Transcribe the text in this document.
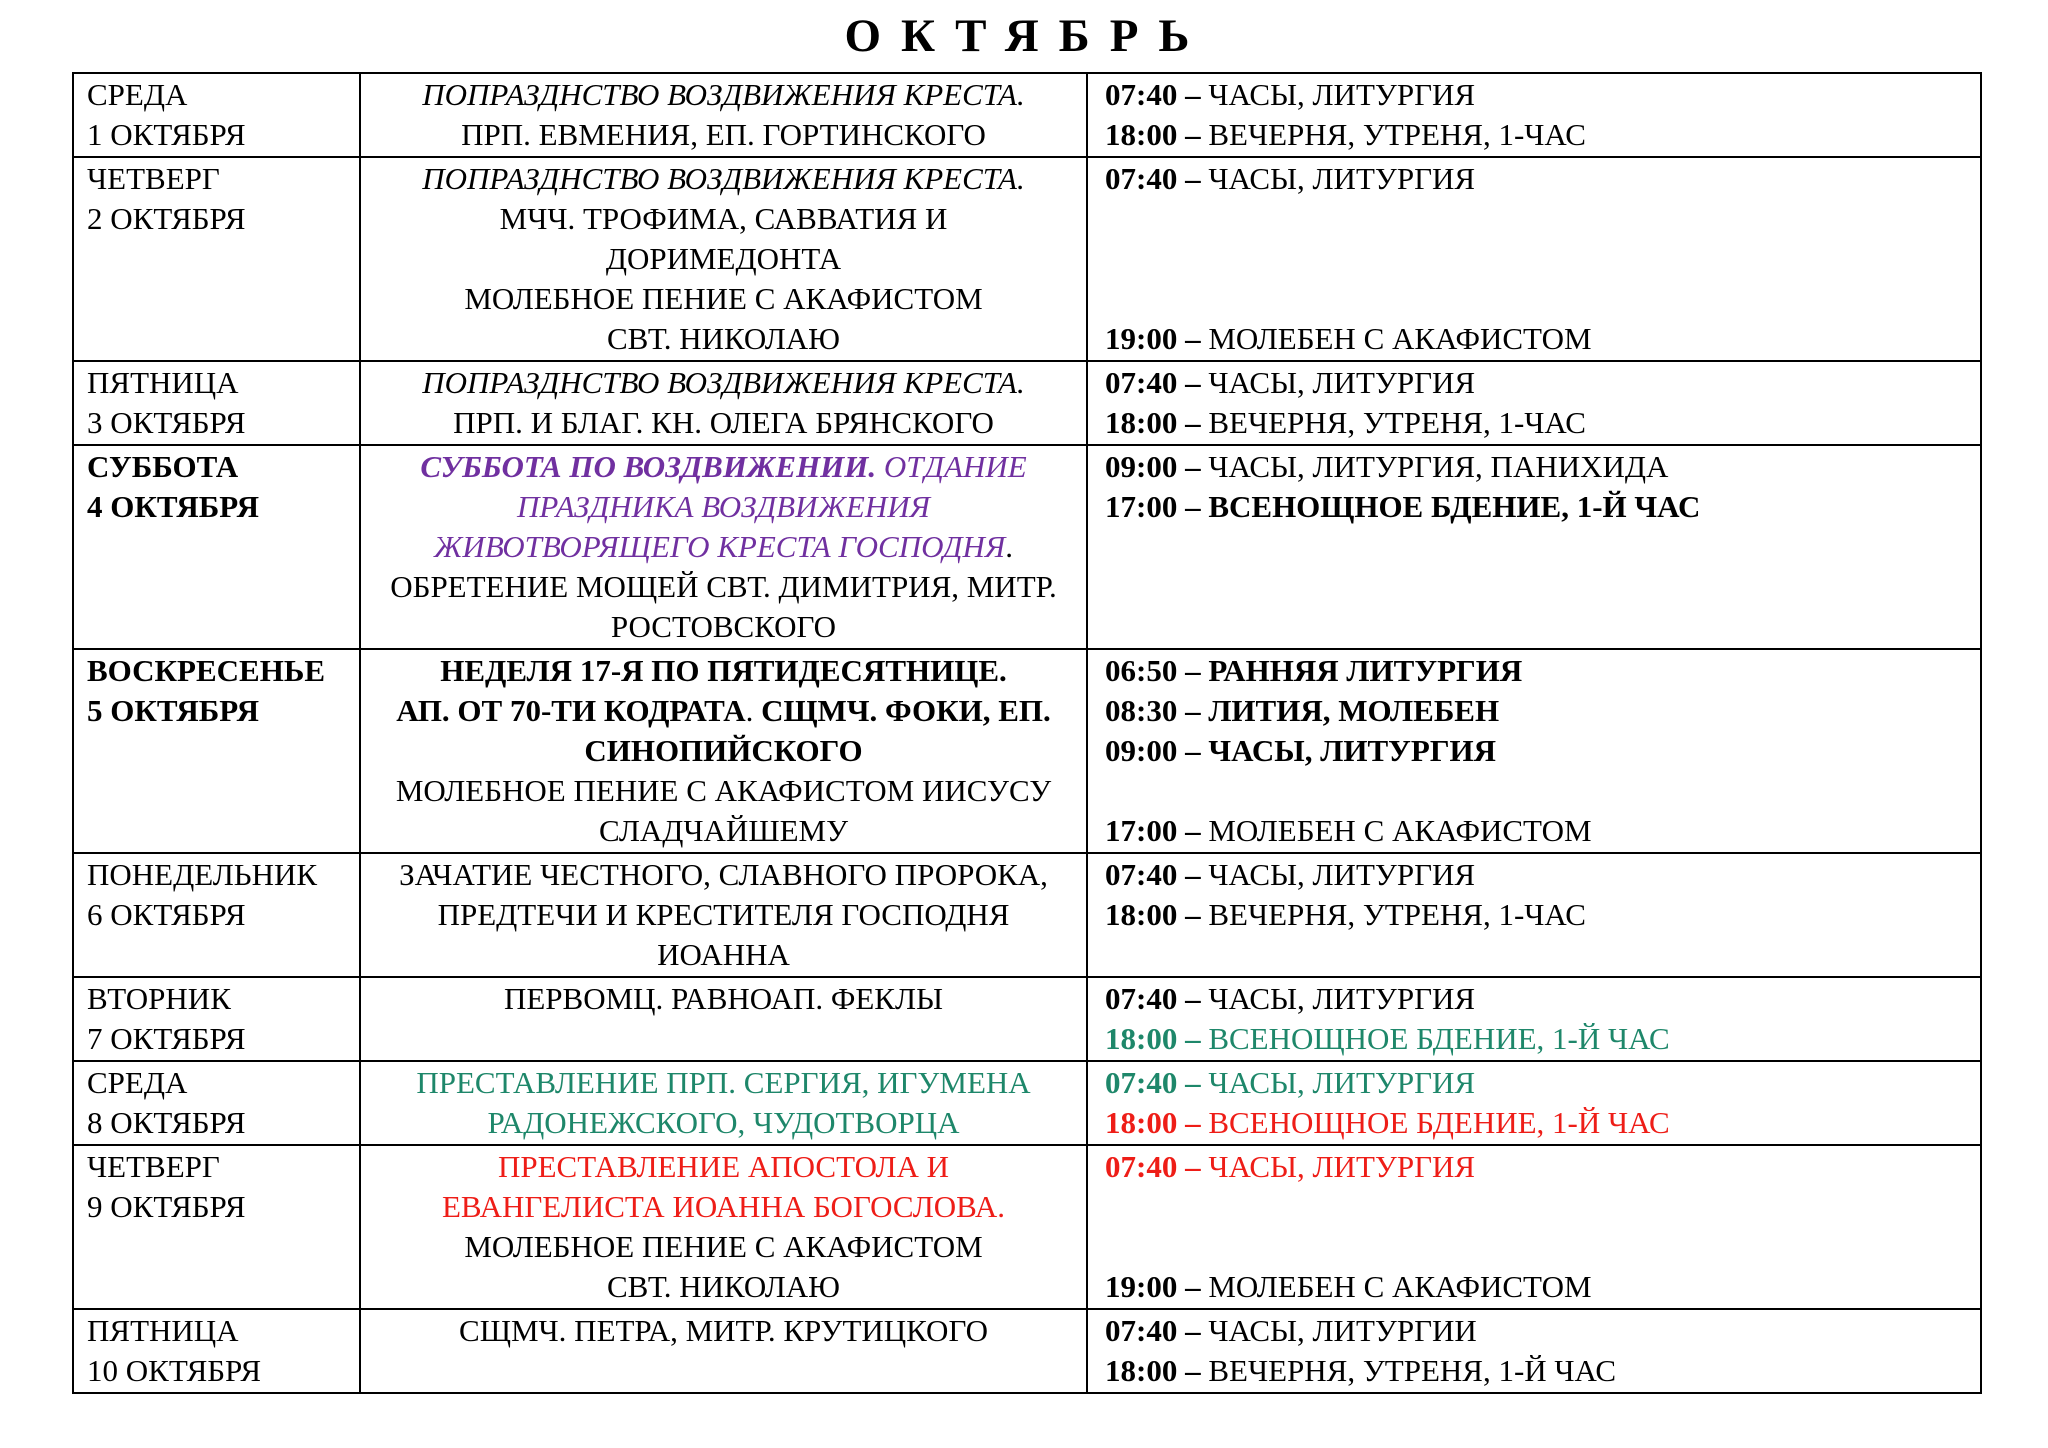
ОКТЯБРЬ
СРЕДА
1 ОКТЯБРЯ
ПОПРАЗДНСТВО ВОЗДВИЖЕНИЯ КРЕСТА.
ПРП. ЕВМЕНИЯ, ЕП. ГОРТИНСКОГО
07:40 – ЧАСЫ, ЛИТУРГИЯ
18:00 – ВЕЧЕРНЯ, УТРЕНЯ, 1-ЧАС
ЧЕТВЕРГ
2 ОКТЯБРЯ
ПОПРАЗДНСТВО ВОЗДВИЖЕНИЯ КРЕСТА.
МЧЧ. ТРОФИМА, САВВАТИЯ И
ДОРИМЕДОНТА
МОЛЕБНОЕ ПЕНИЕ С АКАФИСТОМ
СВТ. НИКОЛАЮ
07:40 – ЧАСЫ, ЛИТУРГИЯ

19:00 – МОЛЕБЕН С АКАФИСТОМ
ПЯТНИЦА
3 ОКТЯБРЯ
ПОПРАЗДНСТВО ВОЗДВИЖЕНИЯ КРЕСТА.
ПРП. И БЛАГ. КН. ОЛЕГА БРЯНСКОГО
07:40 – ЧАСЫ, ЛИТУРГИЯ
18:00 – ВЕЧЕРНЯ, УТРЕНЯ, 1-ЧАС
СУББОТА
4 ОКТЯБРЯ
СУББОТА ПО ВОЗДВИЖЕНИИ. ОТДАНИЕ
ПРАЗДНИКА ВОЗДВИЖЕНИЯ
ЖИВОТВОРЯЩЕГО КРЕСТА ГОСПОДНЯ.
ОБРЕТЕНИЕ МОЩЕЙ СВТ. ДИМИТРИЯ, МИТР.
РОСТОВСКОГО
09:00 – ЧАСЫ, ЛИТУРГИЯ, ПАНИХИДА
17:00 – ВСЕНОЩНОЕ БДЕНИЕ, 1-Й ЧАС
ВОСКРЕСЕНЬЕ
5 ОКТЯБРЯ
НЕДЕЛЯ 17-Я ПО ПЯТИДЕСЯТНИЦЕ.
АП. ОТ 70-ТИ КОДРАТА. СЩМЧ. ФОКИ, ЕП.
СИНОПИЙСКОГО
МОЛЕБНОЕ ПЕНИЕ С АКАФИСТОМ ИИСУСУ
СЛАДЧАЙШЕМУ
06:50 – РАННЯЯ ЛИТУРГИЯ
08:30 – ЛИТИЯ, МОЛЕБЕН
09:00 – ЧАСЫ, ЛИТУРГИЯ

17:00 – МОЛЕБЕН С АКАФИСТОМ
ПОНЕДЕЛЬНИК
6 ОКТЯБРЯ
ЗАЧАТИЕ ЧЕСТНОГО, СЛАВНОГО ПРОРОКА,
ПРЕДТЕЧИ И КРЕСТИТЕЛЯ ГОСПОДНЯ
ИОАННА
07:40 – ЧАСЫ, ЛИТУРГИЯ
18:00 – ВЕЧЕРНЯ, УТРЕНЯ, 1-ЧАС
ВТОРНИК
7 ОКТЯБРЯ
ПЕРВОМЦ. РАВНОАП. ФЕКЛЫ	07:40 – ЧАСЫ, ЛИТУРГИЯ
18:00 – ВСЕНОЩНОЕ БДЕНИЕ, 1-Й ЧАС
СРЕДА
8 ОКТЯБРЯ
ПРЕСТАВЛЕНИЕ ПРП. СЕРГИЯ, ИГУМЕНА
РАДОНЕЖСКОГО, ЧУДОТВОРЦА
07:40 – ЧАСЫ, ЛИТУРГИЯ
18:00 – ВСЕНОЩНОЕ БДЕНИЕ, 1-Й ЧАС
ЧЕТВЕРГ
9 ОКТЯБРЯ
ПРЕСТАВЛЕНИЕ АПОСТОЛА И
ЕВАНГЕЛИСТА ИОАННА БОГОСЛОВА.
МОЛЕБНОЕ ПЕНИЕ С АКАФИСТОМ
СВТ. НИКОЛАЮ
07:40 – ЧАСЫ, ЛИТУРГИЯ

19:00 – МОЛЕБЕН С АКАФИСТОМ
ПЯТНИЦА
10 ОКТЯБРЯ
СЩМЧ. ПЕТРА, МИТР. КРУТИЦКОГО	07:40 – ЧАСЫ, ЛИТУРГИИ
18:00 – ВЕЧЕРНЯ, УТРЕНЯ, 1-Й ЧАС
